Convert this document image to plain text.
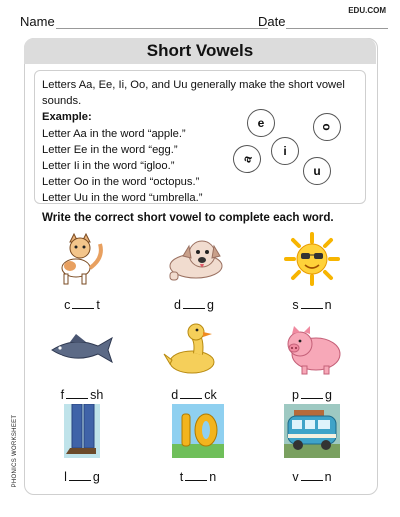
EDU.COM
Name	Date
Short Vowels
Letters Aa, Ee, Ii, Oo, and Uu generally make the short vowel sounds.
Example:
Letter Aa in the word “apple.”
Letter Ee in the word “egg.”
Letter Ii in the word “igloo.”
Letter Oo in the word “octopus.”
Letter Uu in the word “umbrella.”
e	o
i
a
u
Write the correct short vowel to complete each word.
c t	d g	s n
f sh	d ck	p g
l g	t n	v n
PHONICS WORKSHEET
